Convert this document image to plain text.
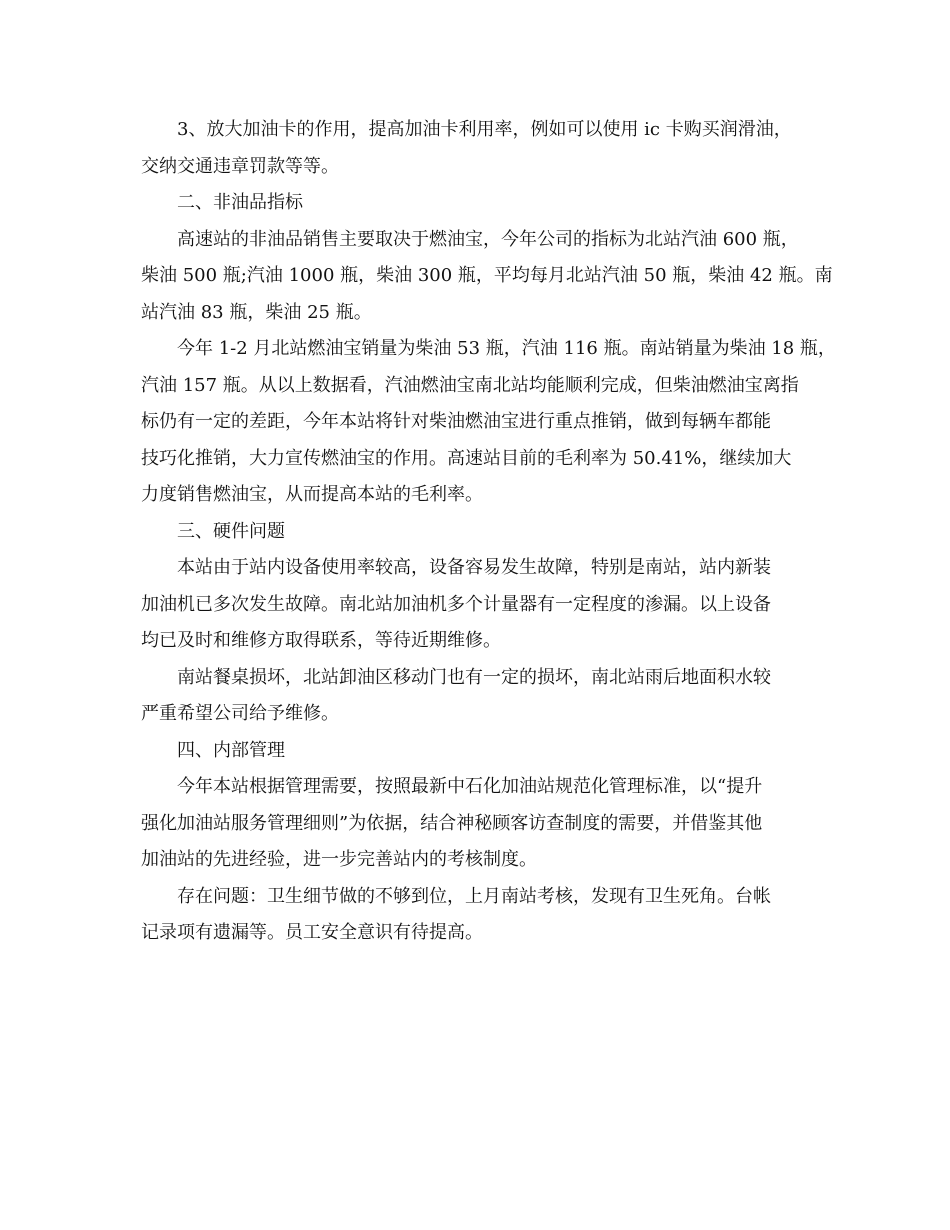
3、放大加油卡的作用，提高加油卡利用率，例如可以使用 ic 卡购买润滑油，
交纳交通违章罚款等等。

二、非油品指标

高速站的非油品销售主要取决于燃油宝，今年公司的指标为北站汽油 600 瓶，
柴油 500 瓶;汽油 1000 瓶，柴油 300 瓶，平均每月北站汽油 50 瓶，柴油 42 瓶。南
站汽油 83 瓶，柴油 25 瓶。

今年 1-2 月北站燃油宝销量为柴油 53 瓶，汽油 116 瓶。南站销量为柴油 18 瓶，
汽油 157 瓶。从以上数据看，汽油燃油宝南北站均能顺利完成，但柴油燃油宝离指
标仍有一定的差距，今年本站将针对柴油燃油宝进行重点推销，做到每辆车都能
技巧化推销，大力宣传燃油宝的作用。高速站目前的毛利率为 50.41%，继续加大
力度销售燃油宝，从而提高本站的毛利率。

三、硬件问题

本站由于站内设备使用率较高，设备容易发生故障，特别是南站，站内新装
加油机已多次发生故障。南北站加油机多个计量器有一定程度的渗漏。以上设备
均已及时和维修方取得联系，等待近期维修。

南站餐桌损坏，北站卸油区移动门也有一定的损坏，南北站雨后地面积水较
严重希望公司给予维修。

四、内部管理

今年本站根据管理需要，按照最新中石化加油站规范化管理标准，以“提升
强化加油站服务管理细则”为依据，结合神秘顾客访查制度的需要，并借鉴其他
加油站的先进经验，进一步完善站内的考核制度。

存在问题：卫生细节做的不够到位，上月南站考核，发现有卫生死角。台帐
记录项有遗漏等。员工安全意识有待提高。
